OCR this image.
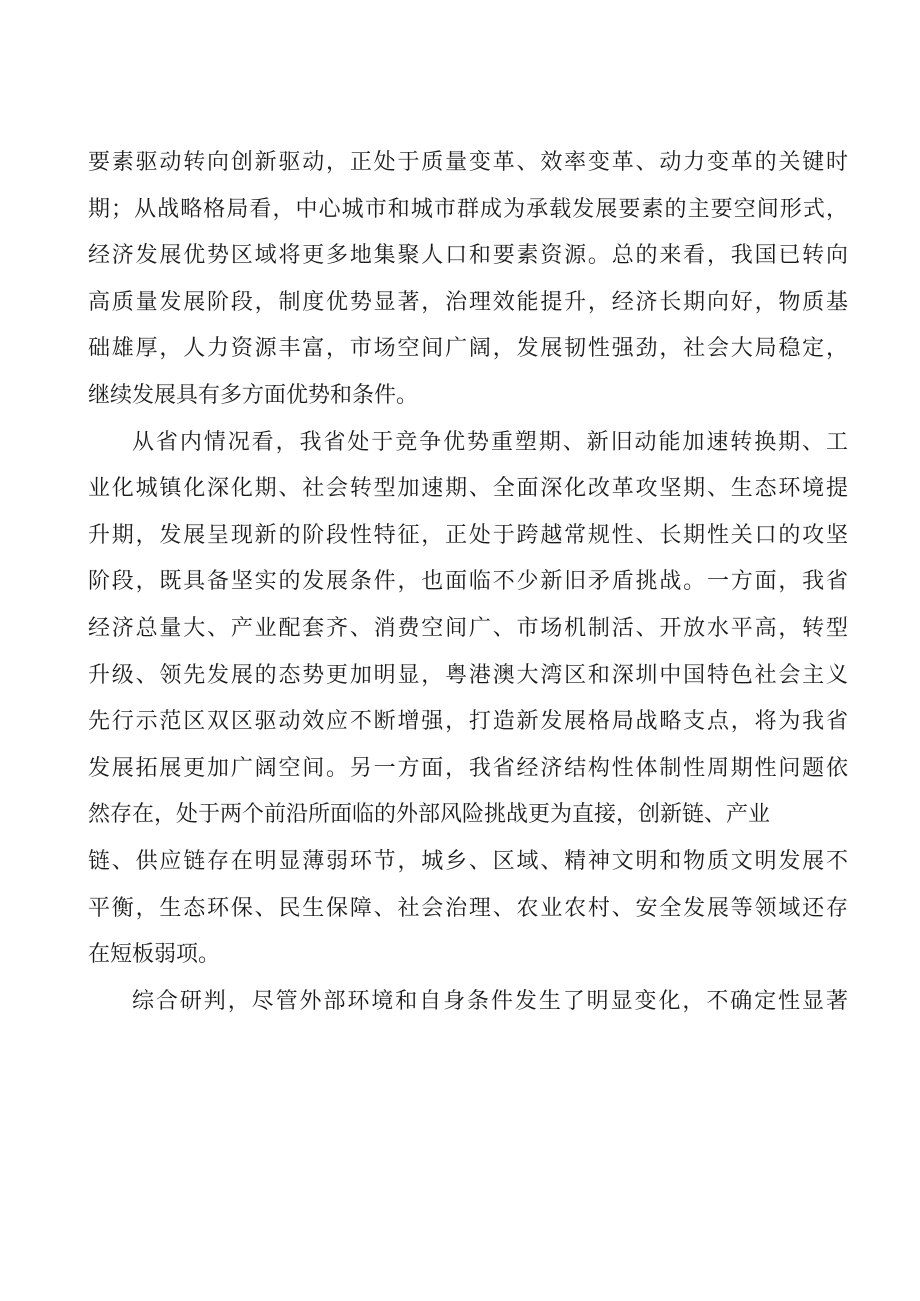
要素驱动转向创新驱动，正处于质量变革、效率变革、动力变革的关键时
期；从战略格局看，中心城市和城市群成为承载发展要素的主要空间形式，
经济发展优势区域将更多地集聚人口和要素资源。总的来看，我国已转向
高质量发展阶段，制度优势显著，治理效能提升，经济长期向好，物质基
础雄厚，人力资源丰富，市场空间广阔，发展韧性强劲，社会大局稳定，
继续发展具有多方面优势和条件。
从省内情况看，我省处于竞争优势重塑期、新旧动能加速转换期、工
业化城镇化深化期、社会转型加速期、全面深化改革攻坚期、生态环境提
升期，发展呈现新的阶段性特征，正处于跨越常规性、长期性关口的攻坚
阶段，既具备坚实的发展条件，也面临不少新旧矛盾挑战。一方面，我省
经济总量大、产业配套齐、消费空间广、市场机制活、开放水平高，转型
升级、领先发展的态势更加明显，粤港澳大湾区和深圳中国特色社会主义
先行示范区双区驱动效应不断增强，打造新发展格局战略支点，将为我省
发展拓展更加广阔空间。另一方面，我省经济结构性体制性周期性问题依
然存在，处于两个前沿所面临的外部风险挑战更为直接，创新链、产业
链、供应链存在明显薄弱环节，城乡、区域、精神文明和物质文明发展不
平衡，生态环保、民生保障、社会治理、农业农村、安全发展等领域还存
在短板弱项。
综合研判，尽管外部环境和自身条件发生了明显变化，不确定性显著
